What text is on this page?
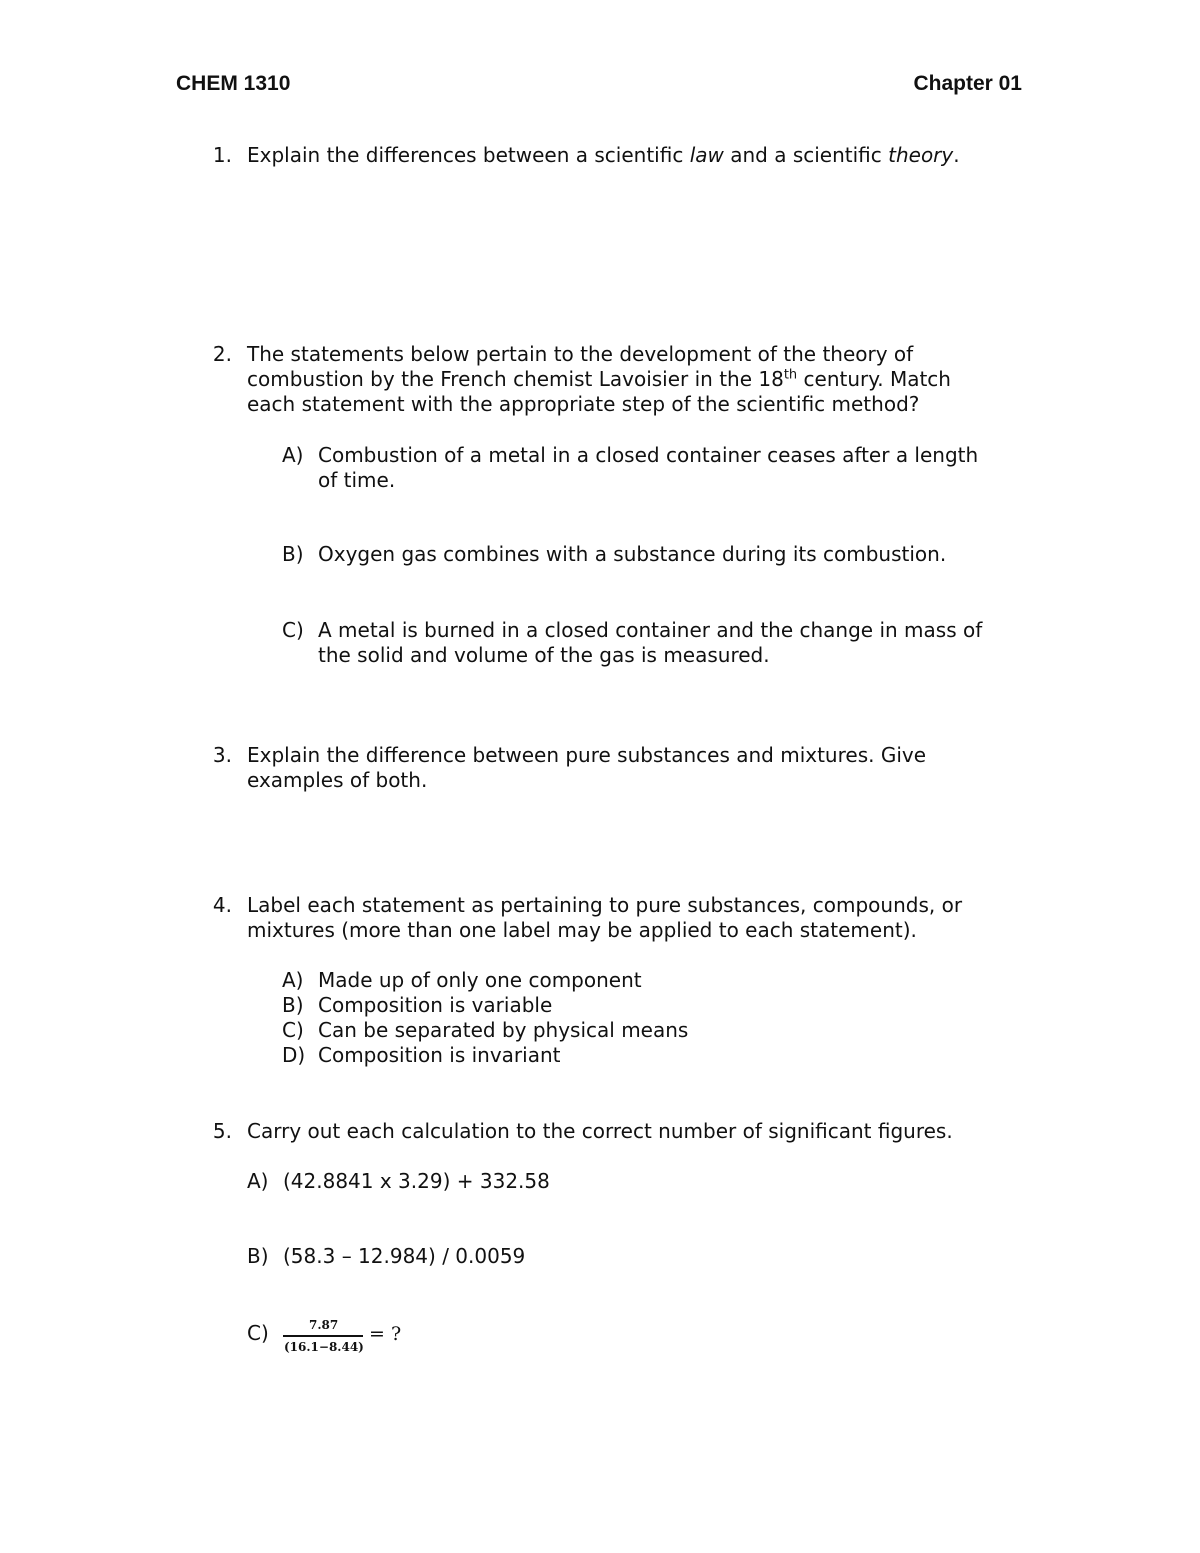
CHEM 1310	Chapter 01
1. Explain the differences between a scientific law and a scientific theory.
2. The statements below pertain to the development of the theory of
combustion by the French chemist Lavoisier in the 18th century. Match
each statement with the appropriate step of the scientific method?
A) Combustion of a metal in a closed container ceases after a length
of time.
B) Oxygen gas combines with a substance during its combustion.
C) A metal is burned in a closed container and the change in mass of
the solid and volume of the gas is measured.
3. Explain the difference between pure substances and mixtures. Give
examples of both.
4. Label each statement as pertaining to pure substances, compounds, or
mixtures (more than one label may be applied to each statement).
A) Made up of only one component
B) Composition is variable
C) Can be separated by physical means
D) Composition is invariant
5. Carry out each calculation to the correct number of significant figures.
A) (42.8841 x 3.29) + 332.58
B) (58.3 – 12.984) / 0.0059
C)	7.87
(16.1−8.44)
= ?
